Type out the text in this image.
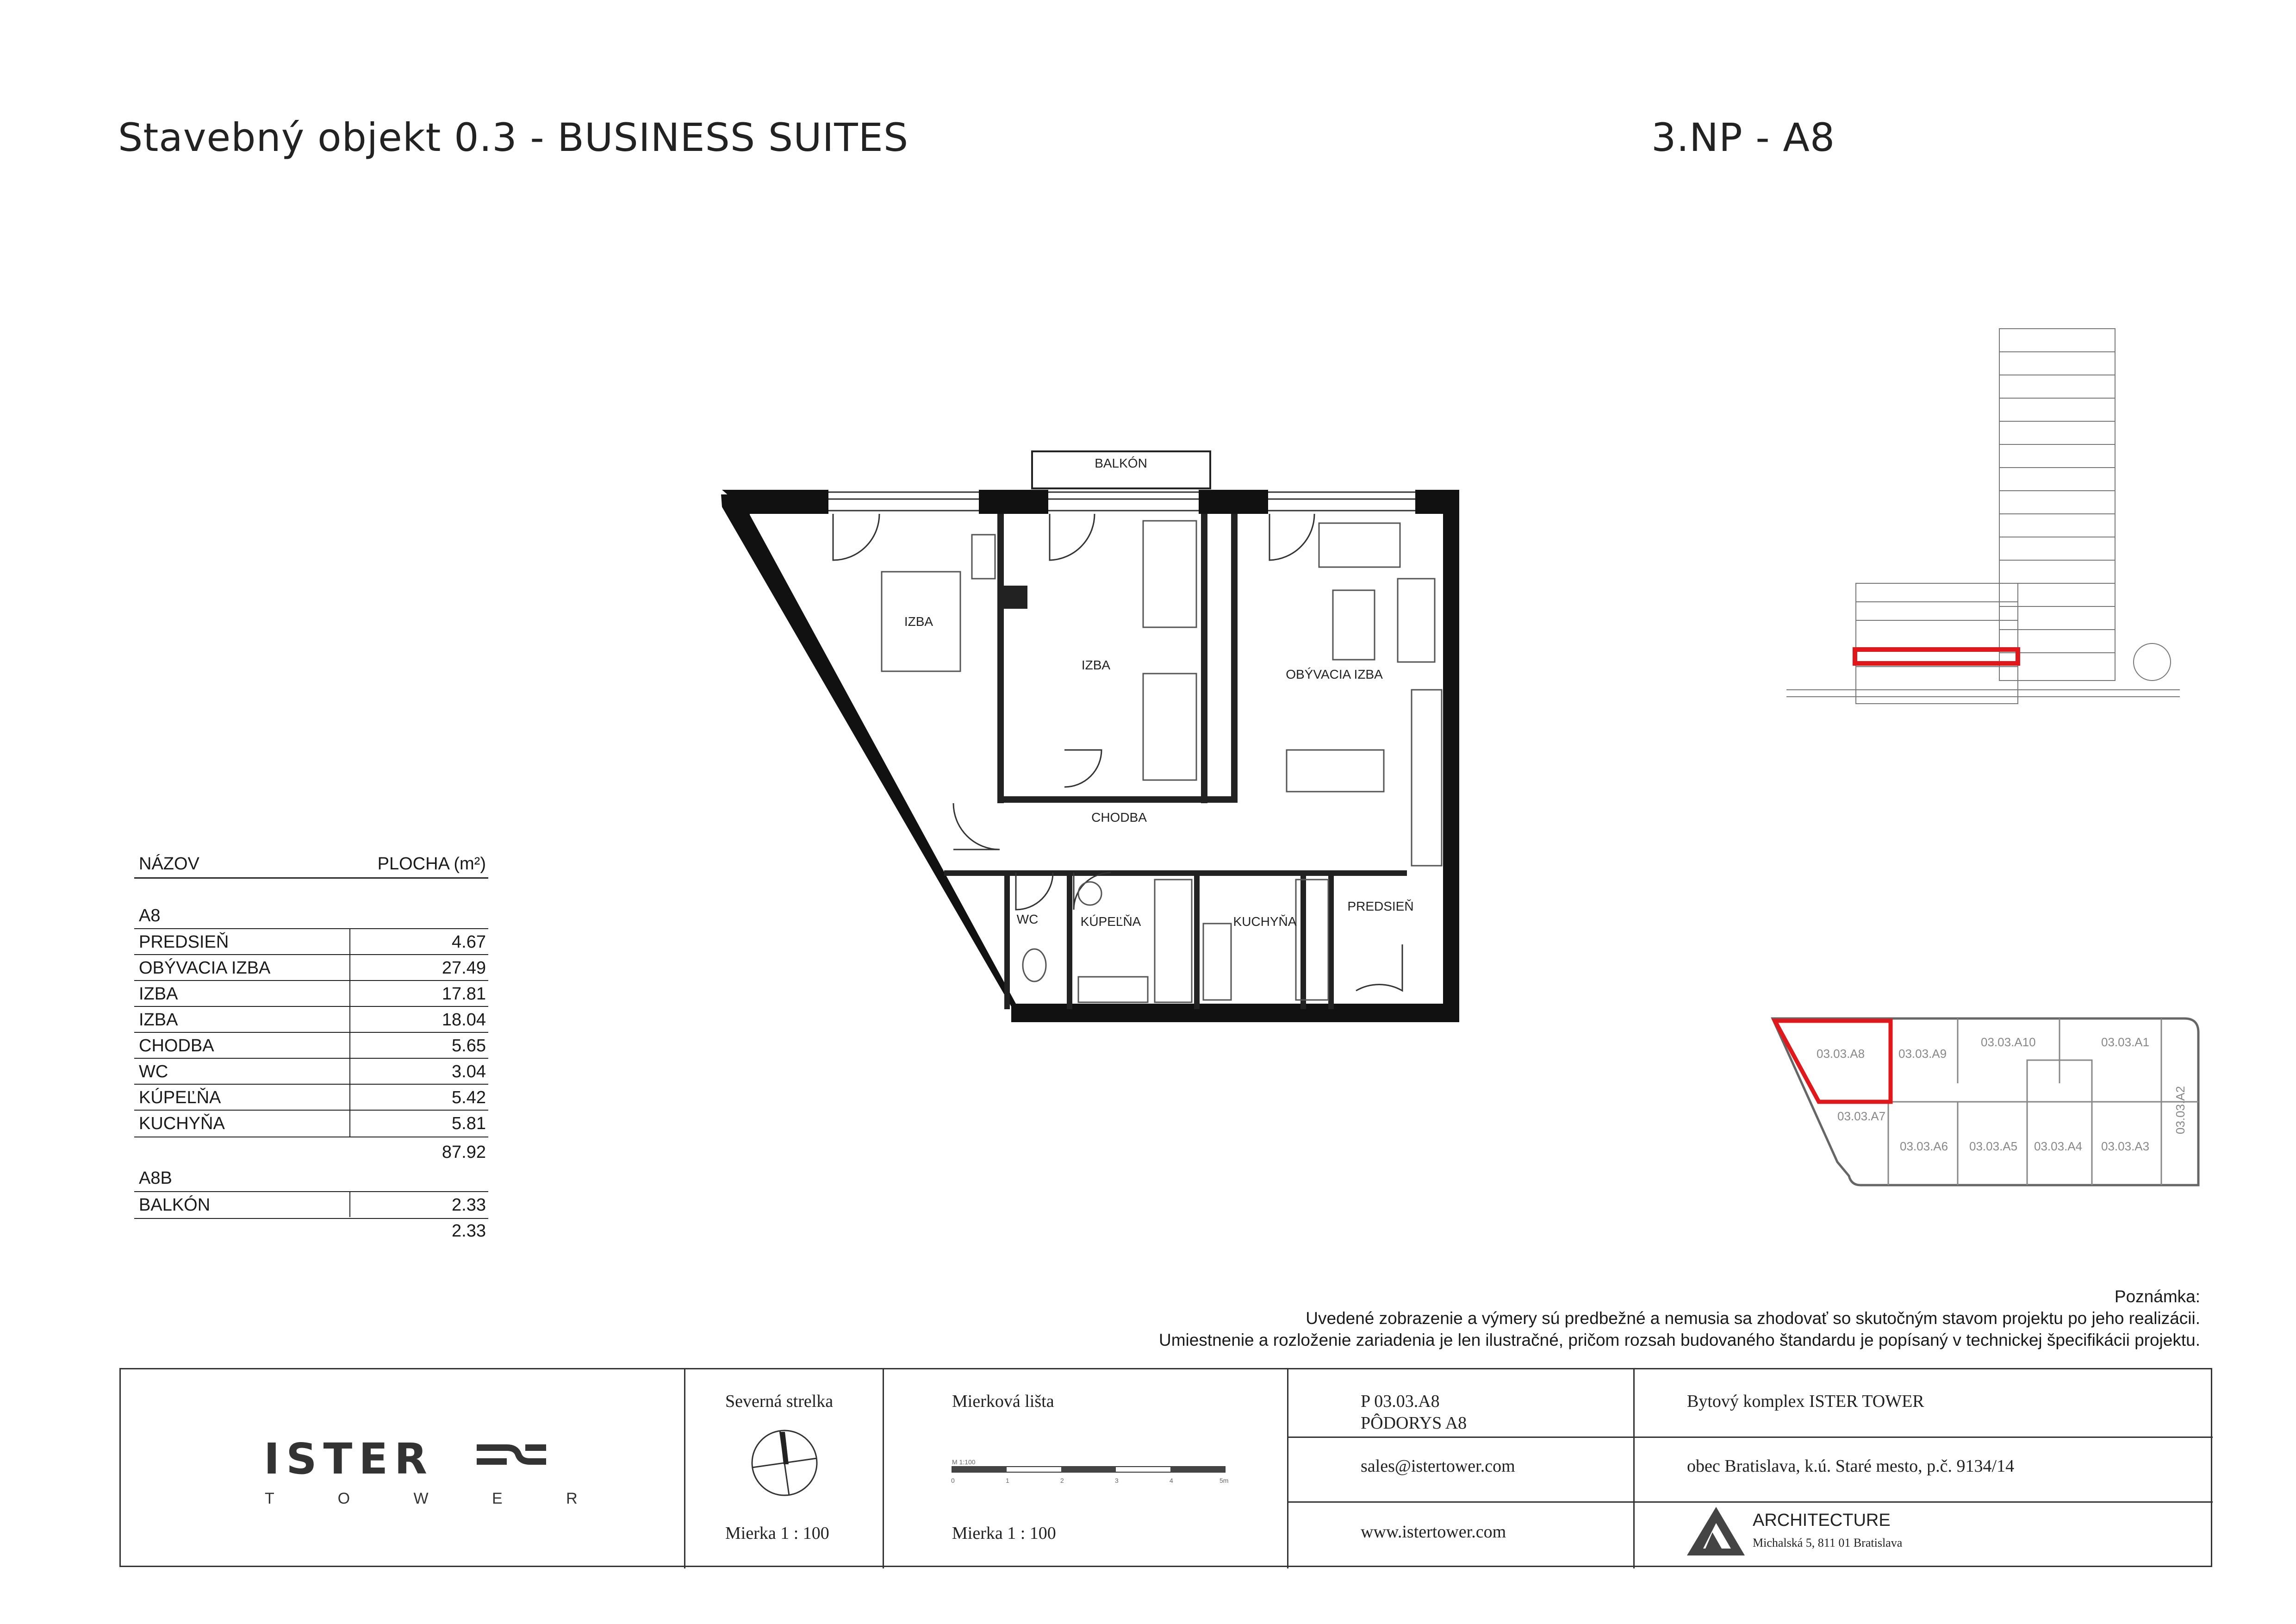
Stavebný objekt 0.3 - BUSINESS SUITES	3.NP - A8
BALKÓN
IZBA
IZBA
OBÝVACIA IZBA
CHODBA
WC	KÚPEĽŇA	KUCHYŇA
PREDSIEŇ
03.03.A8	03.03.A9
03.03.A10	03.03.A1
03.03.A2
03.03.A7
03.03.A6 03.03.A5 03.03.A4 03.03.A3
NÁZOV	PLOCHA (m²)
A8
PREDSIEŇ	4.67
OBÝVACIA IZBA	27.49
IZBA	17.81
IZBA	18.04
CHODBA	5.65
WC	3.04
KÚPEĽŇA	5.42
KUCHYŇA	5.81
87.92
A8B
BALKÓN	2.33
2.33
Poznámka:
Uvedené zobrazenie a výmery sú predbežné a nemusia sa zhodovať so skutočným stavom projektu po jeho realizácii.
Umiestnenie a rozloženie zariadenia je len ilustračné, pričom rozsah budovaného štandardu je popísaný v technickej špecifikácii projektu.
ISTER
T O W E R
Severná strelka
Mierka 1 : 100
Mierková lišta
M 1:100
0	1	2	3	4	5m
Mierka 1 : 100
P 03.03.A8
PÔDORYS A8
sales@istertower.com
www.istertower.com
Bytový komplex ISTER TOWER
obec Bratislava, k.ú. Staré mesto, p.č. 9134/14
ARCHITECTURE
Michalská 5, 811 01 Bratislava
